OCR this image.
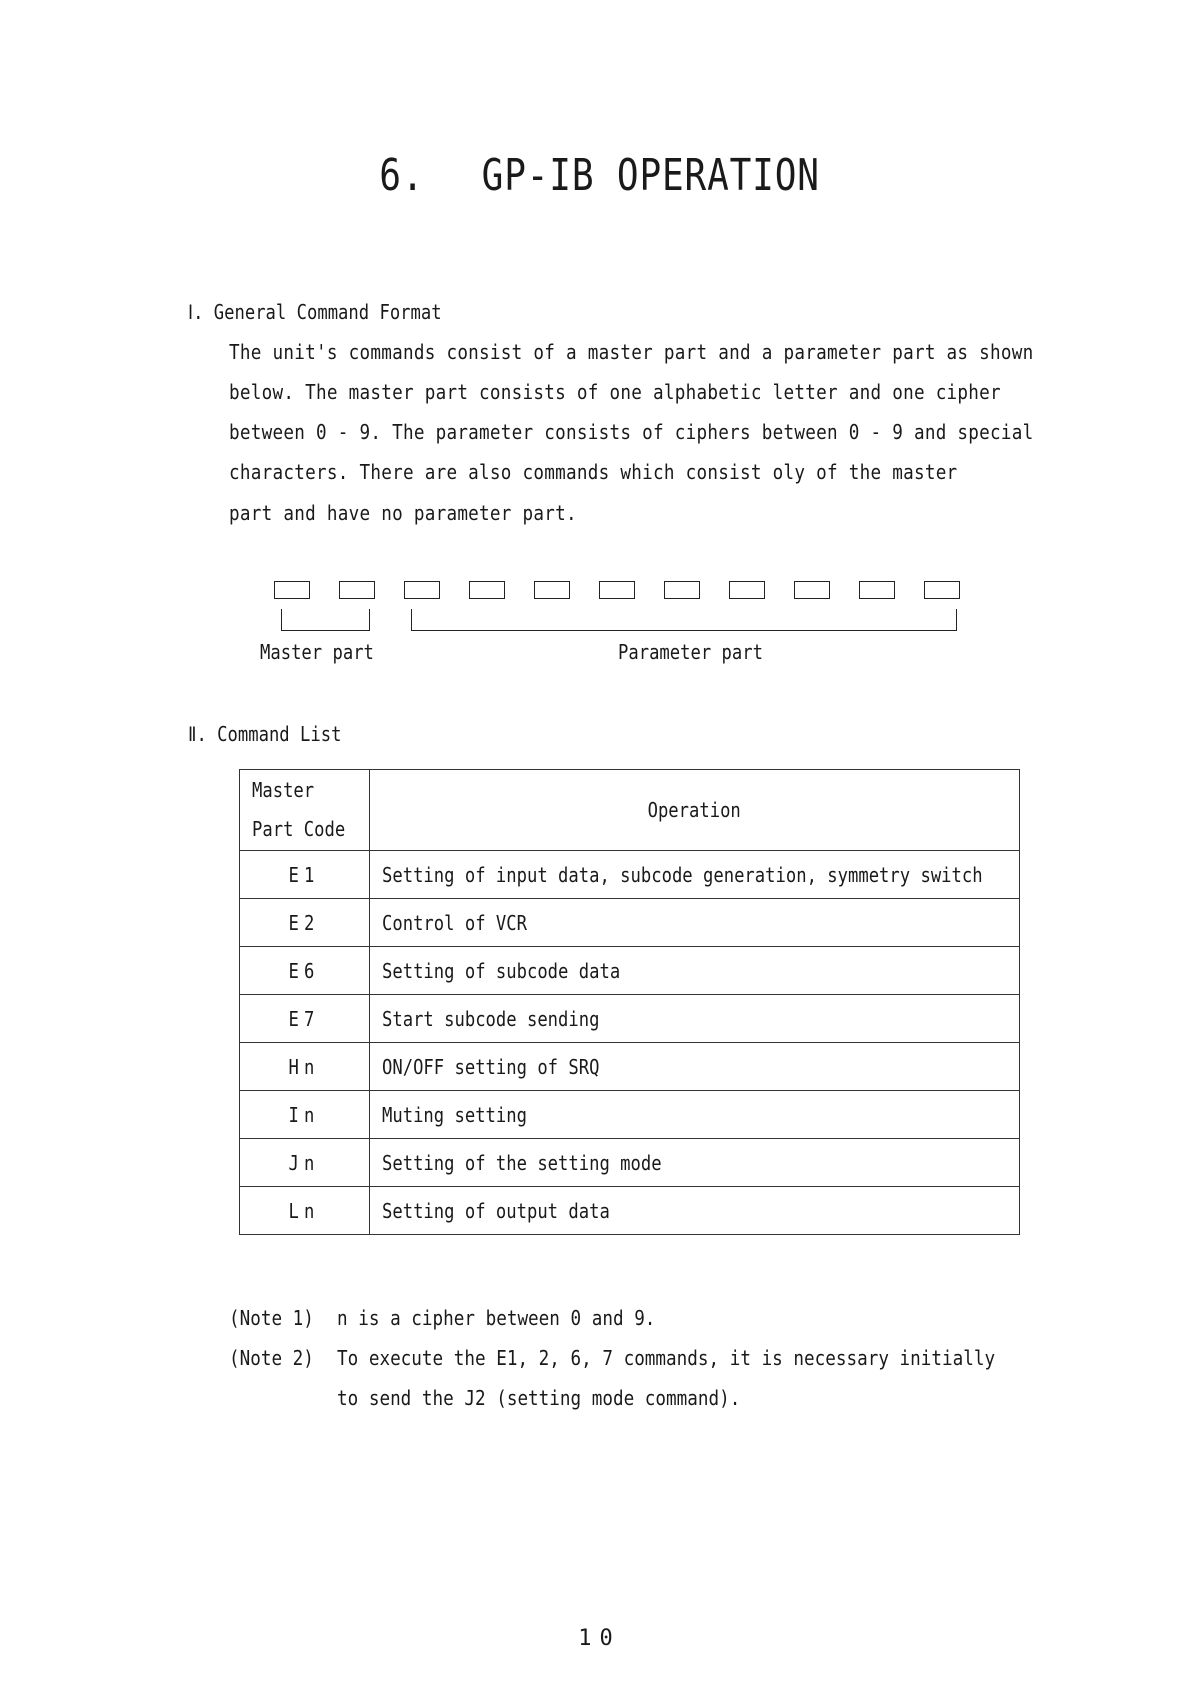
6. GP-IB OPERATION
Ⅰ. General Command Format
The unit's commands consist of a master part and a parameter part as shown
below. The master part consists of one alphabetic letter and one cipher
between 0 - 9. The parameter consists of ciphers between 0 - 9 and special
characters. There are also commands which consist oly of the master
part and have no parameter part.
Master part	Parameter part
Ⅱ. Command List
Master
Part Code	Operation
E1	Setting of input data, subcode generation, symmetry switch
E2	Control of VCR
E6	Setting of subcode data
E7	Start subcode sending
Hn	ON/OFF setting of SRQ
In	Muting setting
Jn	Setting of the setting mode
Ln	Setting of output data
(Note 1) n is a cipher between 0 and 9.
(Note 2) To execute the E1, 2, 6, 7 commands, it is necessary initially
to send the J2 (setting mode command).
10
